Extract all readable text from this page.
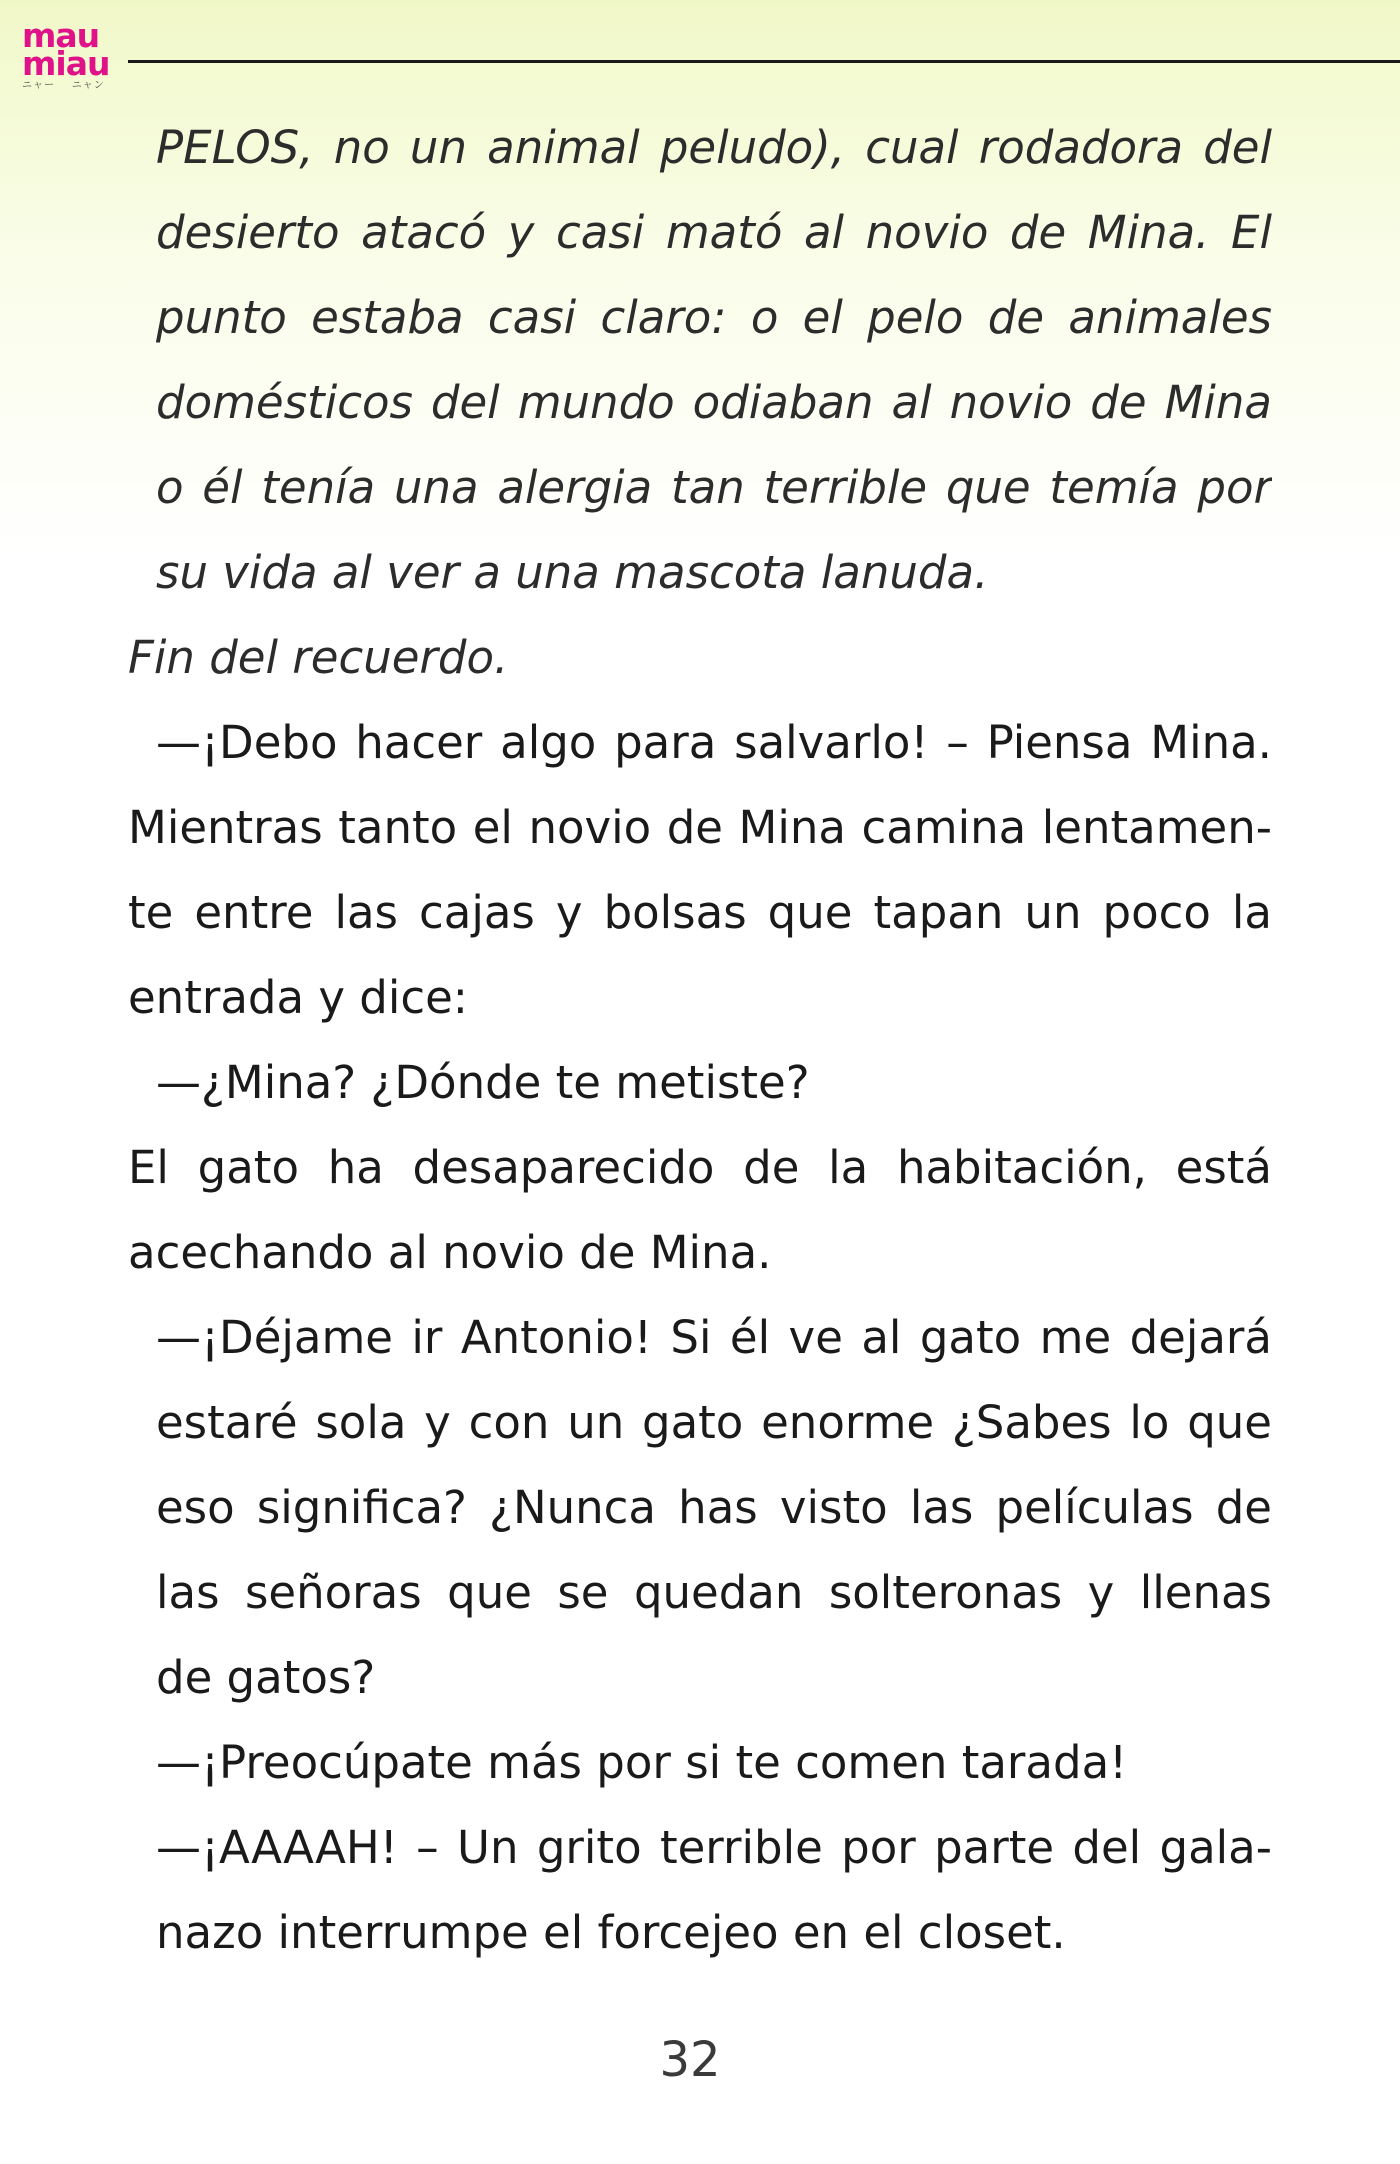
mau
miau
ニャー ニャン
PELOS, no un animal peludo), cual rodadora del
desierto atacó y casi mató al novio de Mina. El
punto estaba casi claro: o el pelo de animales
domésticos del mundo odiaban al novio de Mina
o él tenía una alergia tan terrible que temía por
su vida al ver a una mascota lanuda.
Fin del recuerdo.
—¡Debo hacer algo para salvarlo! – Piensa Mina.
Mientras tanto el novio de Mina camina lentamen-
te entre las cajas y bolsas que tapan un poco la
entrada y dice:
—¿Mina? ¿Dónde te metiste?
El gato ha desaparecido de la habitación, está
acechando al novio de Mina.
—¡Déjame ir Antonio! Si él ve al gato me dejará
estaré sola y con un gato enorme ¿Sabes lo que
eso significa? ¿Nunca has visto las películas de
las señoras que se quedan solteronas y llenas
de gatos?
—¡Preocúpate más por si te comen tarada!
—¡AAAAH! – Un grito terrible por parte del gala-
nazo interrumpe el forcejeo en el closet.
32
